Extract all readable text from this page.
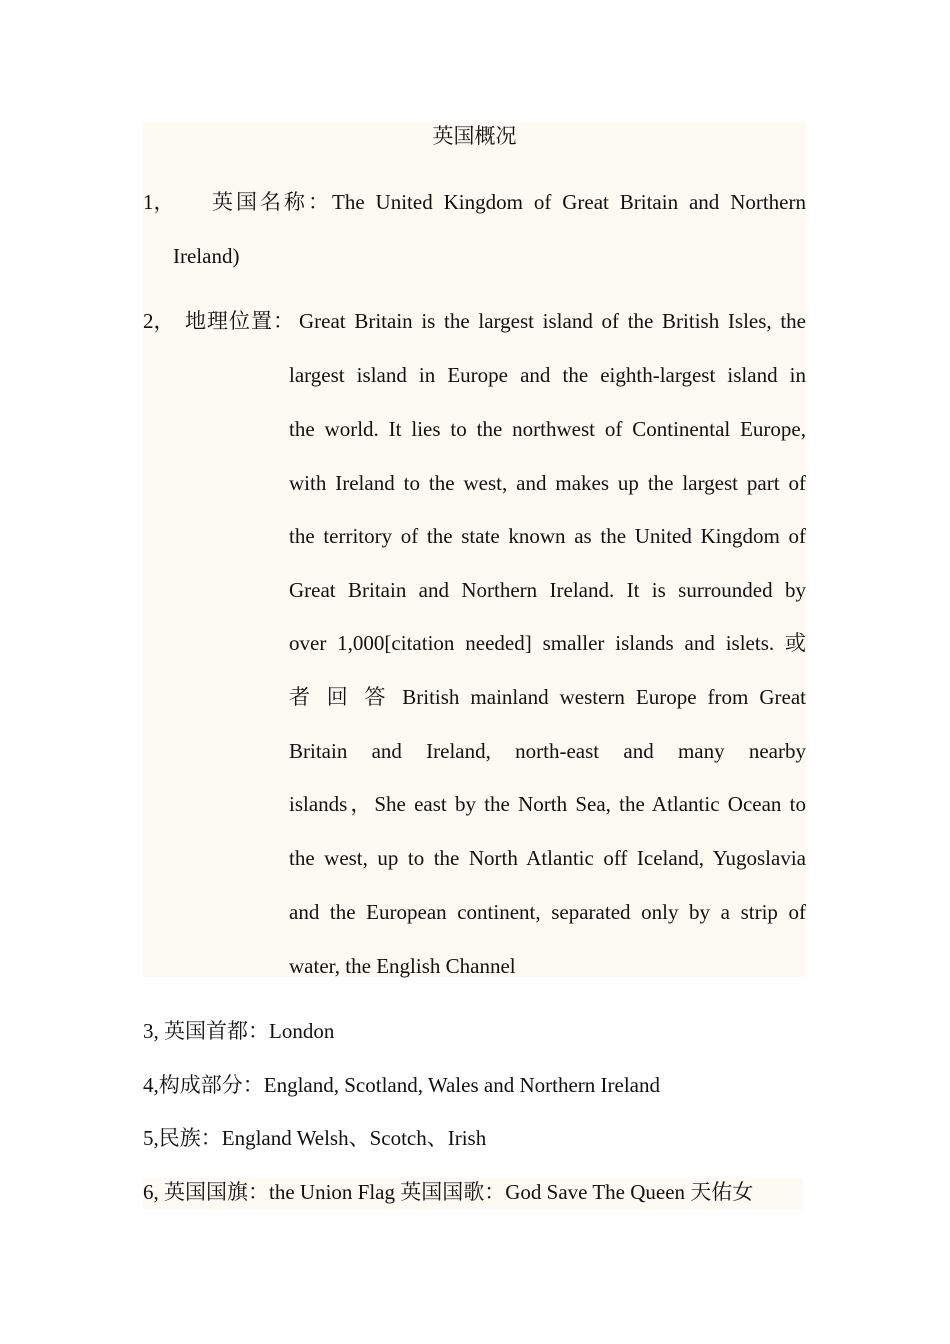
英国概况
1， 英国名称： The United Kingdom of Great Britain and Northern
Ireland)
2， 地理位置： Great Britain is the largest island of the British Isles, the
largest island in Europe and the eighth-largest island in
the world. It lies to the northwest of Continental Europe,
with Ireland to the west, and makes up the largest part of
the territory of the state known as the United Kingdom of
Great Britain and Northern Ireland. It is surrounded by
over 1,000[citation needed] smaller islands and islets. 或
者 回 答 British mainland western Europe from Great
Britain and Ireland, north-east and many nearby
islands，She east by the North Sea, the Atlantic Ocean to
the west, up to the North Atlantic off Iceland, Yugoslavia
and the European continent, separated only by a strip of
water, the English Channel
3, 英国首都：London
4,构成部分：England, Scotland, Wales and Northern Ireland
5,民族：England Welsh、Scotch、Irish
6, 英国国旗：the Union Flag 英国国歌：God Save The Queen 天佑女
